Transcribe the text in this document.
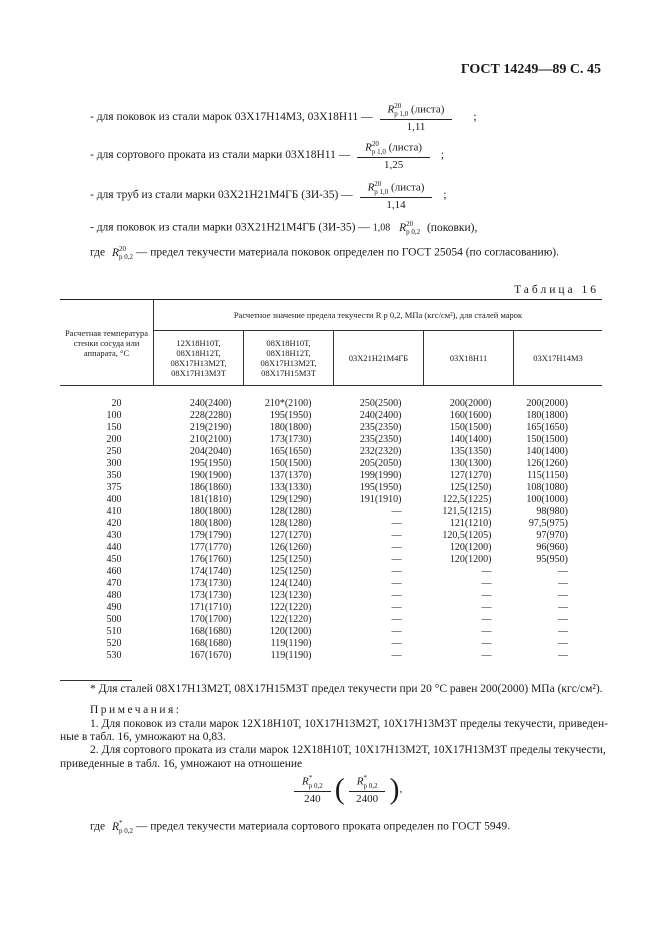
ГОСТ 14249—89 С. 45
- для поковок из стали марок 03Х17Н14М3, 03Х18Н11 —
R20
p 1,0 (листа)
1,11
;
- для сортового проката из стали марки 03Х18Н11 —
R20
p 1,0 (листа)
1,25
;
- для труб из стали марки 03Х21Н21М4ГБ (ЗИ-35) —
R20
p 1,0 (листа)
1,14
;
- для поковок из стали марки 03Х21Н21М4ГБ (ЗИ-35) — 1,08 R20
p 0,2 (поковки),
где R20
p 0,2 — предел текучести материала поковок определен по ГОСТ 25054 (по согласованию).
Таблица 16
Расчетная температура стенки сосуда или аппарата, °С	Расчетное значение предела текучести R p 0,2, МПа (кгс/см²), для сталей марок				
	12Х18Н10Т, 08Х18Н12Т, 08Х17Н13М2Т, 08Х17Н13М3Т	08Х18Н10Т, 08Х18Н12Т, 08Х17Н13М2Т, 08Х17Н15М3Т	03Х21Н21М4ГБ	03Х18Н11	03Х17Н14М3
20	240(2400)	210*(2100)	250(2500)	200(2000)	200(2000)
100	228(2280)	195(1950)	240(2400)	160(1600)	180(1800)
150	219(2190)	180(1800)	235(2350)	150(1500)	165(1650)
200	210(2100)	173(1730)	235(2350)	140(1400)	150(1500)
250	204(2040)	165(1650)	232(2320)	135(1350)	140(1400)
300	195(1950)	150(1500)	205(2050)	130(1300)	126(1260)
350	190(1900)	137(1370)	199(1990)	127(1270)	115(1150)
375	186(1860)	133(1330)	195(1950)	125(1250)	108(1080)
400	181(1810)	129(1290)	191(1910)	122,5(1225)	100(1000)
410	180(1800)	128(1280)	—	121,5(1215)	98(980)
420	180(1800)	128(1280)	—	121(1210)	97,5(975)
430	179(1790)	127(1270)	—	120,5(1205)	97(970)
440	177(1770)	126(1260)	—	120(1200)	96(960)
450	176(1760)	125(1250)	—	120(1200)	95(950)
460	174(1740)	125(1250)	—	—	—
470	173(1730)	124(1240)	—	—	—
480	173(1730)	123(1230)	—	—	—
490	171(1710)	122(1220)	—	—	—
500	170(1700)	122(1220)	—	—	—
510	168(1680)	120(1200)	—	—	—
520	168(1680)	119(1190)	—	—	—
530	167(1670)	119(1190)	—	—	—
* Для сталей 08Х17Н13М2Т, 08Х17Н15М3Т предел текучести при 20 °С равен 200(2000) МПа (кгс/см²).
Примечания:
1. Для поковок из стали марок 12Х18Н10Т, 10Х17Н13М2Т, 10Х17Н13М3Т пределы текучести, приведен-
ные в табл. 16, умножают на 0,83.
2. Для сортового проката из стали марок 12Х18Н10Т, 10Х17Н13М2Т, 10Х17Н13М3Т пределы текучести,
приведенные в табл. 16, умножают на отношение
R*
p 0,2
240 (	R*
p 0,2
2400 ),
где R*
p 0,2 — предел текучести материала сортового проката определен по ГОСТ 5949.
